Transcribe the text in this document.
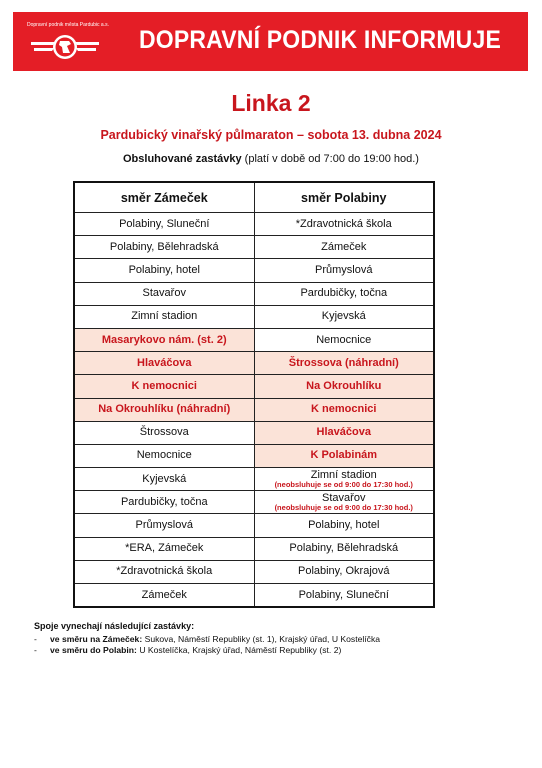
Dopravní podnik města Pardubic a.s.
DOPRAVNÍ PODNIK INFORMUJE
Linka 2
Pardubický vinařský půlmaraton – sobota 13. dubna 2024
Obsluhované zastávky (platí v době od 7:00 do 19:00 hod.)
směr Zámeček	směr Polabiny

Polabiny, Sluneční	*Zdravotnická škola

Polabiny, Bělehradská	Zámeček

Polabiny, hotel	Průmyslová

Stavařov	Pardubičky, točna

Zimní stadion	Kyjevská

Masarykovo nám. (st. 2)	Nemocnice

Hlaváčova	Štrossova (náhradní)

K nemocnici	Na Okrouhlíku

Na Okrouhlíku (náhradní)	K nemocnici

Štrossova	Hlaváčova

Nemocnice	K Polabinám

Kyjevská	Zimní stadion
(neobsluhuje se od 9:00 do 17:30 hod.)

Pardubičky, točna	Stavařov
(neobsluhuje se od 9:00 do 17:30 hod.)

Průmyslová	Polabiny, hotel

*ERA, Zámeček	Polabiny, Bělehradská

*Zdravotnická škola	Polabiny, Okrajová

Zámeček	Polabiny, Sluneční
Spoje vynechají následující zastávky:
- ve směru na Zámeček: Sukova, Náměstí Republiky (st. 1), Krajský úřad, U Kostelíčka
- ve směru do Polabin: U Kostelíčka, Krajský úřad, Náměstí Republiky (st. 2)
